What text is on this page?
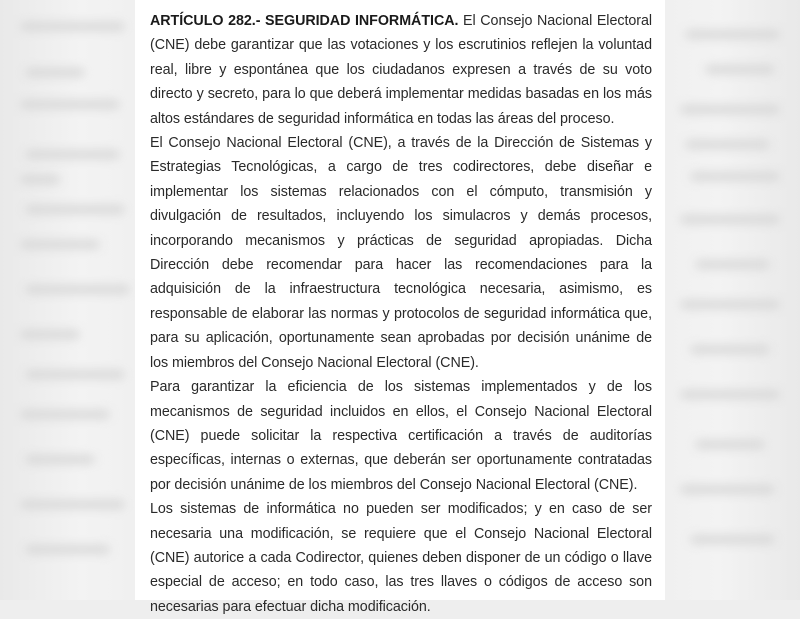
ARTÍCULO 282.- SEGURIDAD INFORMÁTICA. El Consejo Nacional Electoral (CNE) debe garantizar que las votaciones y los escrutinios reflejen la voluntad real, libre y espontánea que los ciudadanos expresen a través de su voto directo y secreto, para lo que deberá implementar medidas basadas en los más altos estándares de seguridad informática en todas las áreas del proceso.

El Consejo Nacional Electoral (CNE), a través de la Dirección de Sistemas y Estrategias Tecnológicas, a cargo de tres codirectores, debe diseñar e implementar los sistemas relacionados con el cómputo, transmisión y divulgación de resultados, incluyendo los simulacros y demás procesos, incorporando mecanismos y prácticas de seguridad apropiadas. Dicha Dirección debe recomendar para hacer las recomendaciones para la adquisición de la infraestructura tecnológica necesaria, asimismo, es responsable de elaborar las normas y protocolos de seguridad informática que, para su aplicación, oportunamente sean aprobadas por decisión unánime de los miembros del Consejo Nacional Electoral (CNE).

Para garantizar la eficiencia de los sistemas implementados y de los mecanismos de seguridad incluidos en ellos, el Consejo Nacional Electoral (CNE) puede solicitar la respectiva certificación a través de auditorías específicas, internas o externas, que deberán ser oportunamente contratadas por decisión unánime de los miembros del Consejo Nacional Electoral (CNE).

Los sistemas de informática no pueden ser modificados; y en caso de ser necesaria una modificación, se requiere que el Consejo Nacional Electoral (CNE) autorice a cada Codirector, quienes deben disponer de un código o llave especial de acceso; en todo caso, las tres llaves o códigos de acceso son necesarias para efectuar dicha modificación.
